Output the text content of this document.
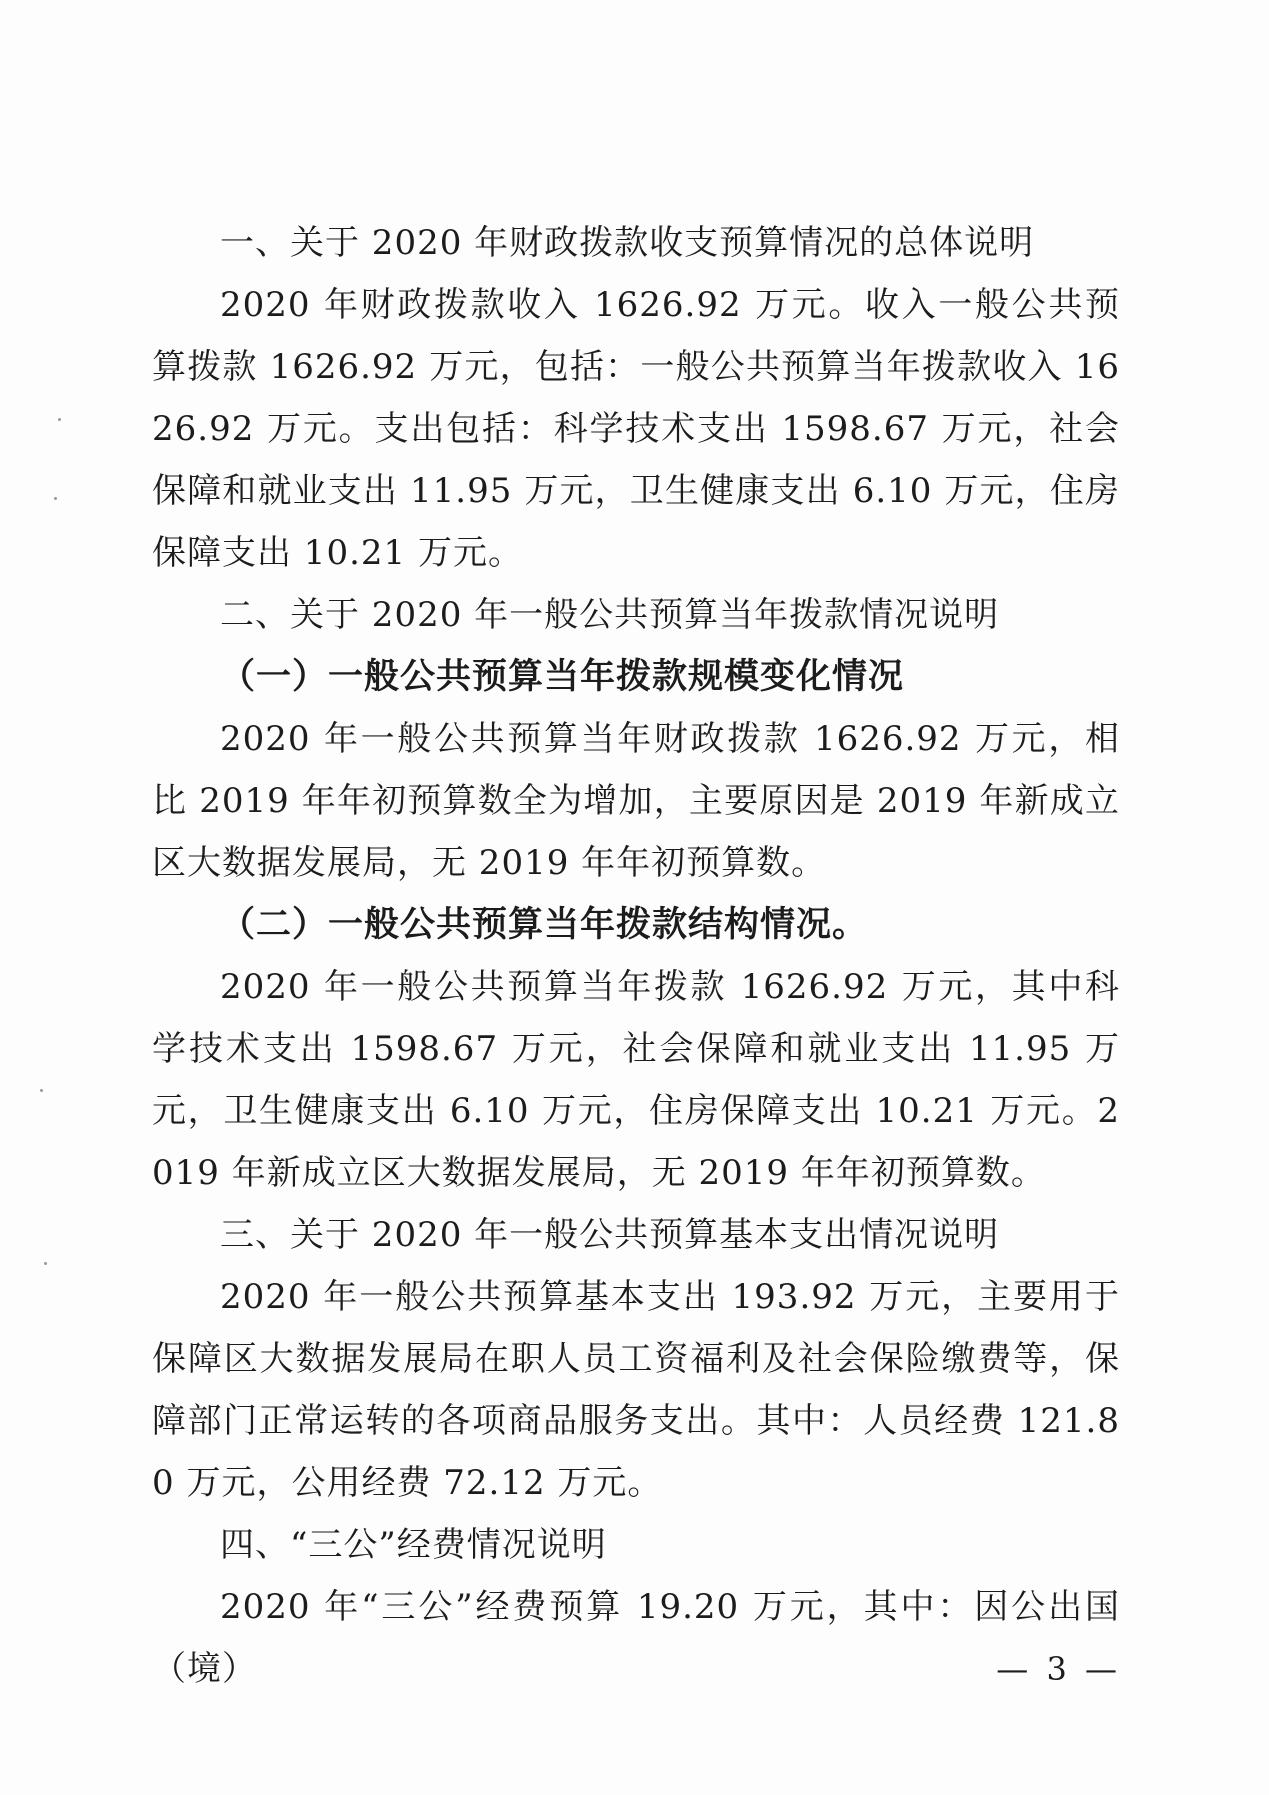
一、关于 2020 年财政拨款收支预算情况的总体说明
2020 年财政拨款收入 1626.92 万元。收入一般公共预算拨款 1626.92 万元，包括：一般公共预算当年拨款收入 1626.92 万元。支出包括：科学技术支出 1598.67 万元，社会保障和就业支出 11.95 万元，卫生健康支出 6.10 万元，住房保障支出 10.21 万元。
二、关于 2020 年一般公共预算当年拨款情况说明
（一）一般公共预算当年拨款规模变化情况
2020 年一般公共预算当年财政拨款 1626.92 万元，相比 2019 年年初预算数全为增加，主要原因是 2019 年新成立区大数据发展局，无 2019 年年初预算数。
（二）一般公共预算当年拨款结构情况。
2020 年一般公共预算当年拨款 1626.92 万元，其中科学技术支出 1598.67 万元，社会保障和就业支出 11.95 万元，卫生健康支出 6.10 万元，住房保障支出 10.21 万元。2019 年新成立区大数据发展局，无 2019 年年初预算数。
三、关于 2020 年一般公共预算基本支出情况说明
2020 年一般公共预算基本支出 193.92 万元，主要用于保障区大数据发展局在职人员工资福利及社会保险缴费等，保障部门正常运转的各项商品服务支出。其中：人员经费 121.80 万元，公用经费 72.12 万元。
四、“三公”经费情况说明
2020 年“三公”经费预算 19.20 万元，其中：因公出国（境）	— 3 —
